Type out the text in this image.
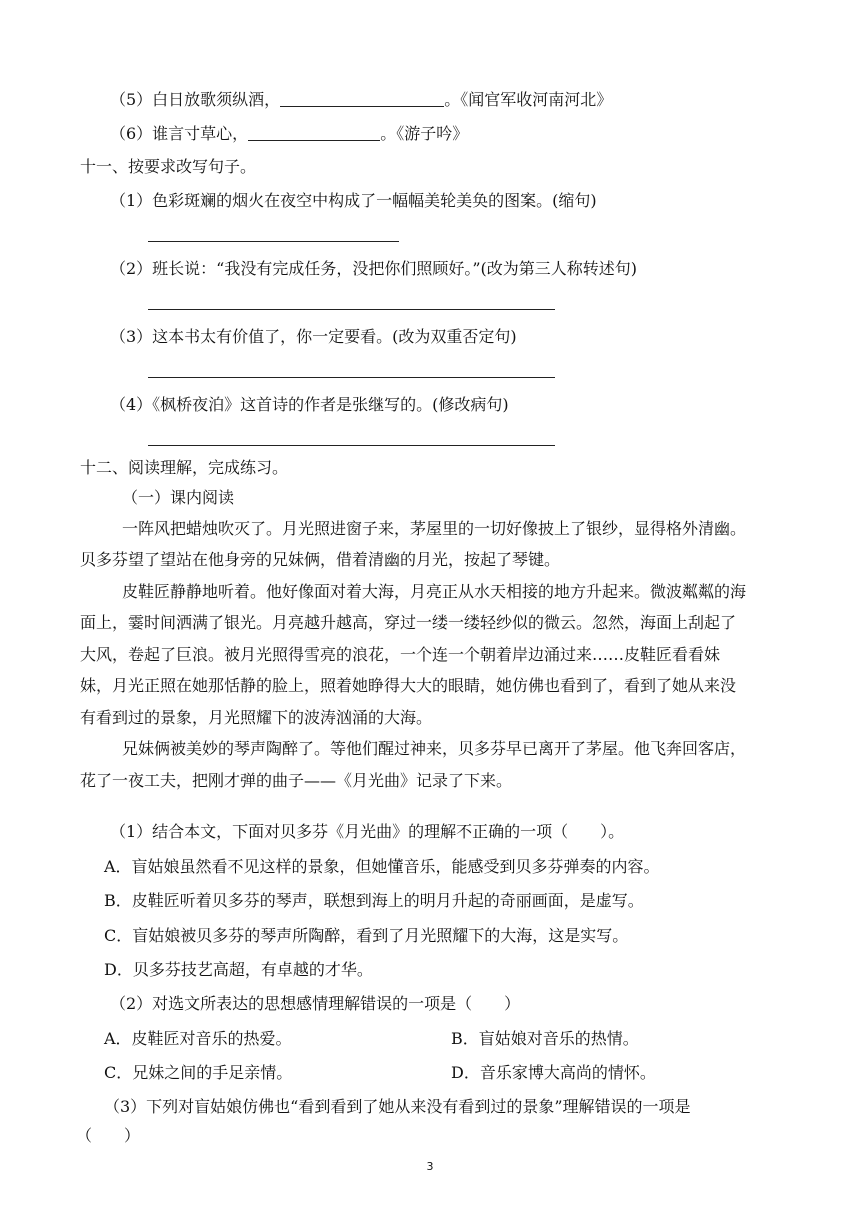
（5）白日放歌须纵酒，	。《闻官军收河南河北》
（6）谁言寸草心，	。《游子吟》
十一、按要求改写句子。
（1）色彩斑斓的烟火在夜空中构成了一幅幅美轮美奂的图案。(缩句)
（2）班长说：“我没有完成任务，没把你们照顾好。”(改为第三人称转述句)
（3）这本书太有价值了，你一定要看。(改为双重否定句)
（4）《枫桥夜泊》这首诗的作者是张继写的。(修改病句)
十二、阅读理解，完成练习。
（一）课内阅读
一阵风把蜡烛吹灭了。月光照进窗子来，茅屋里的一切好像披上了银纱，显得格外清幽。
贝多芬望了望站在他身旁的兄妹俩，借着清幽的月光，按起了琴键。
皮鞋匠静静地听着。他好像面对着大海，月亮正从水天相接的地方升起来。微波粼粼的海
面上，霎时间洒满了银光。月亮越升越高，穿过一缕一缕轻纱似的微云。忽然，海面上刮起了
大风，卷起了巨浪。被月光照得雪亮的浪花，一个连一个朝着岸边涌过来……皮鞋匠看看妹
妹，月光正照在她那恬静的脸上，照着她睁得大大的眼睛，她仿佛也看到了，看到了她从来没
有看到过的景象，月光照耀下的波涛汹涌的大海。
兄妹俩被美妙的琴声陶醉了。等他们醒过神来，贝多芬早已离开了茅屋。他飞奔回客店，
花了一夜工夫，把刚才弹的曲子——《月光曲》记录了下来。
（1）结合本文，下面对贝多芬《月光曲》的理解不正确的一项（　　）。
A．盲姑娘虽然看不见这样的景象，但她懂音乐，能感受到贝多芬弹奏的内容。
B．皮鞋匠听着贝多芬的琴声，联想到海上的明月升起的奇丽画面，是虚写。
C．盲姑娘被贝多芬的琴声所陶醉，看到了月光照耀下的大海，这是实写。
D．贝多芬技艺高超，有卓越的才华。
（2）对选文所表达的思想感情理解错误的一项是（　　）
A．皮鞋匠对音乐的热爱。	B．盲姑娘对音乐的热情。
C．兄妹之间的手足亲情。	D．音乐家博大高尚的情怀。
（3）下列对盲姑娘仿佛也“看到看到了她从来没有看到过的景象”理解错误的一项是
（　　）
3
